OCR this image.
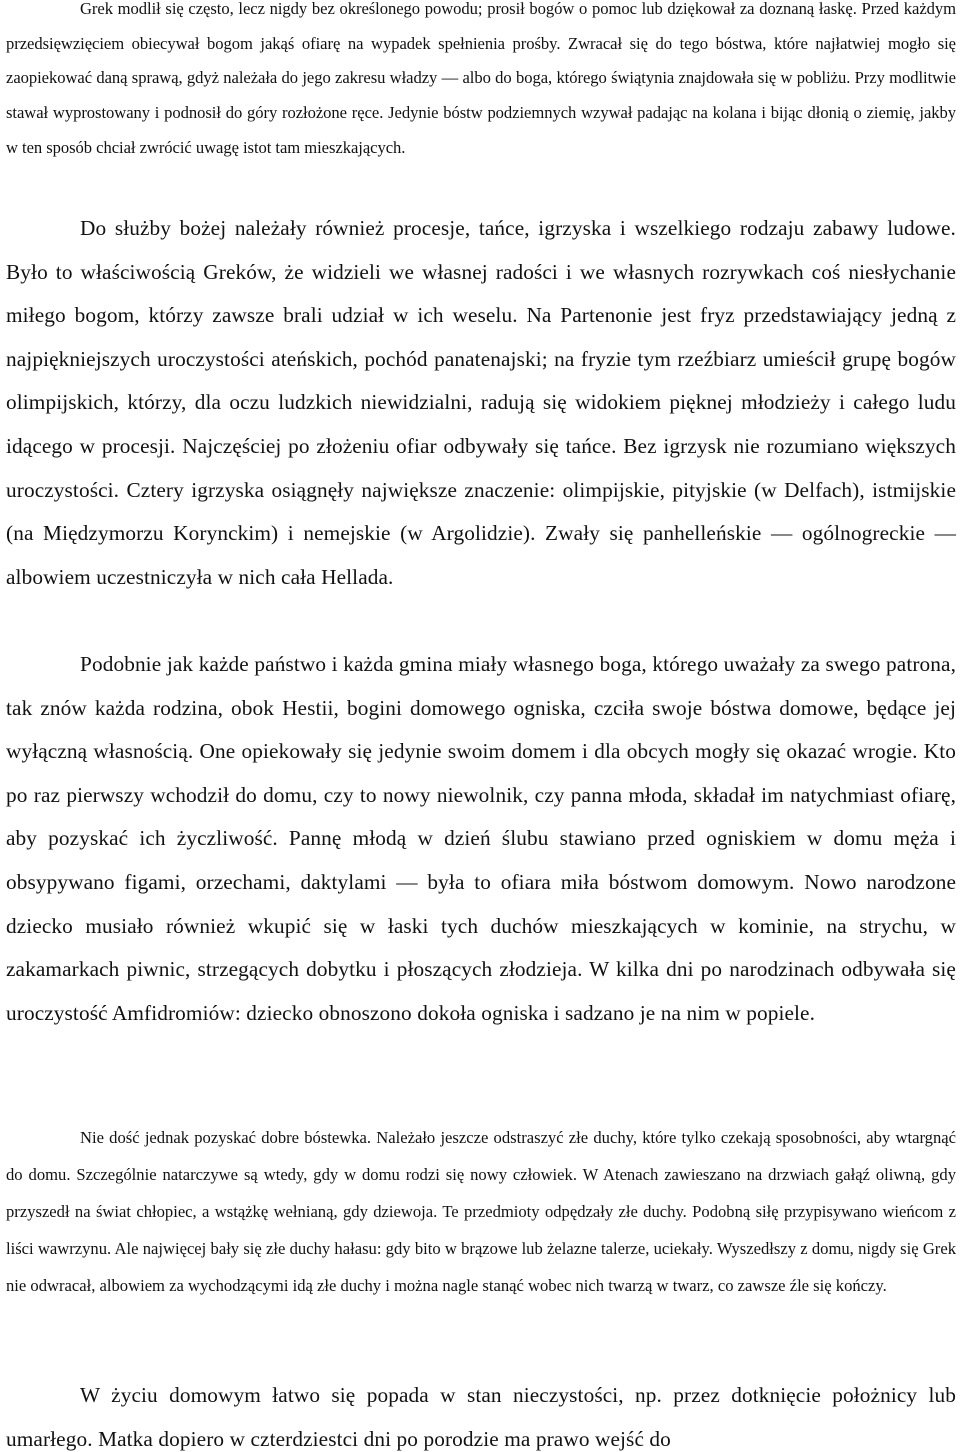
Grek modlił się często, lecz nigdy bez określonego powodu; prosił bogów o pomoc lub dziękował za doznaną łaskę. Przed każdym przedsięwzięciem obiecywał bogom jakąś ofiarę na wypadek spełnienia prośby. Zwracał się do tego bóstwa, które najłatwiej mogło się zaopiekować daną sprawą, gdyż należała do jego zakresu władzy — albo do boga, którego świątynia znajdowała się w pobliżu. Przy modlitwie stawał wyprostowany i podnosił do góry rozłożone ręce. Jedynie bóstw podziemnych wzywał padając na kolana i bijąc dłonią o ziemię, jakby w ten sposób chciał zwrócić uwagę istot tam mieszkających.

Do służby bożej należały również procesje, tańce, igrzyska i wszelkiego rodzaju zabawy ludowe. Było to właściwością Greków, że widzieli we własnej radości i we własnych rozrywkach coś niesłychanie miłego bogom, którzy zawsze brali udział w ich weselu. Na Partenonie jest fryz przedstawiający jedną z najpiękniejszych uroczystości ateńskich, pochód panatenajski; na fryzie tym rzeźbiarz umieścił grupę bogów olimpijskich, którzy, dla oczu ludzkich niewidzialni, radują się widokiem pięknej młodzieży i całego ludu idącego w procesji. Najczęściej po złożeniu ofiar odbywały się tańce. Bez igrzysk nie rozumiano większych uroczystości. Cztery igrzyska osiągnęły największe znaczenie: olimpijskie, pityjskie (w Delfach), istmijskie (na Międzymorzu Korynckim) i nemejskie (w Argolidzie). Zwały się panhelleńskie — ogólnogreckie — albowiem uczestniczyła w nich cała Hellada.

Podobnie jak każde państwo i każda gmina miały własnego boga, którego uważały za swego patrona, tak znów każda rodzina, obok Hestii, bogini domowego ogniska, czciła swoje bóstwa domowe, będące jej wyłączną własnością. One opiekowały się jedynie swoim domem i dla obcych mogły się okazać wrogie. Kto po raz pierwszy wchodził do domu, czy to nowy niewolnik, czy panna młoda, składał im natychmiast ofiarę, aby pozyskać ich życzliwość. Pannę młodą w dzień ślubu stawiano przed ogniskiem w domu męża i obsypywano figami, orzechami, daktylami — była to ofiara miła bóstwom domowym. Nowo narodzone dziecko musiało również wkupić się w łaski tych duchów mieszkających w kominie, na strychu, w zakamarkach piwnic, strzegących dobytku i płoszących złodzieja. W kilka dni po narodzinach odbywała się uroczystość Amfidromiów: dziecko obnoszono dokoła ogniska i sadzano je na nim w popiele.

Nie dość jednak pozyskać dobre bóstewka. Należało jeszcze odstraszyć złe duchy, które tylko czekają sposobności, aby wtargnąć do domu. Szczególnie natarczywe są wtedy, gdy w domu rodzi się nowy człowiek. W Atenach zawieszano na drzwiach gałąź oliwną, gdy przyszedł na świat chłopiec, a wstążkę wełnianą, gdy dziewoja. Te przedmioty odpędzały złe duchy. Podobną siłę przypisywano wieńcom z liści wawrzynu. Ale najwięcej bały się złe duchy hałasu: gdy bito w brązowe lub żelazne talerze, uciekały. Wyszedłszy z domu, nigdy się Grek nie odwracał, albowiem za wychodzącymi idą złe duchy i można nagle stanąć wobec nich twarzą w twarz, co zawsze źle się kończy.

W życiu domowym łatwo się popada w stan nieczystości, np. przez dotknięcie położnicy lub umarłego. Matka dopiero w czterdziestci dni po porodzie ma prawo wejść do
